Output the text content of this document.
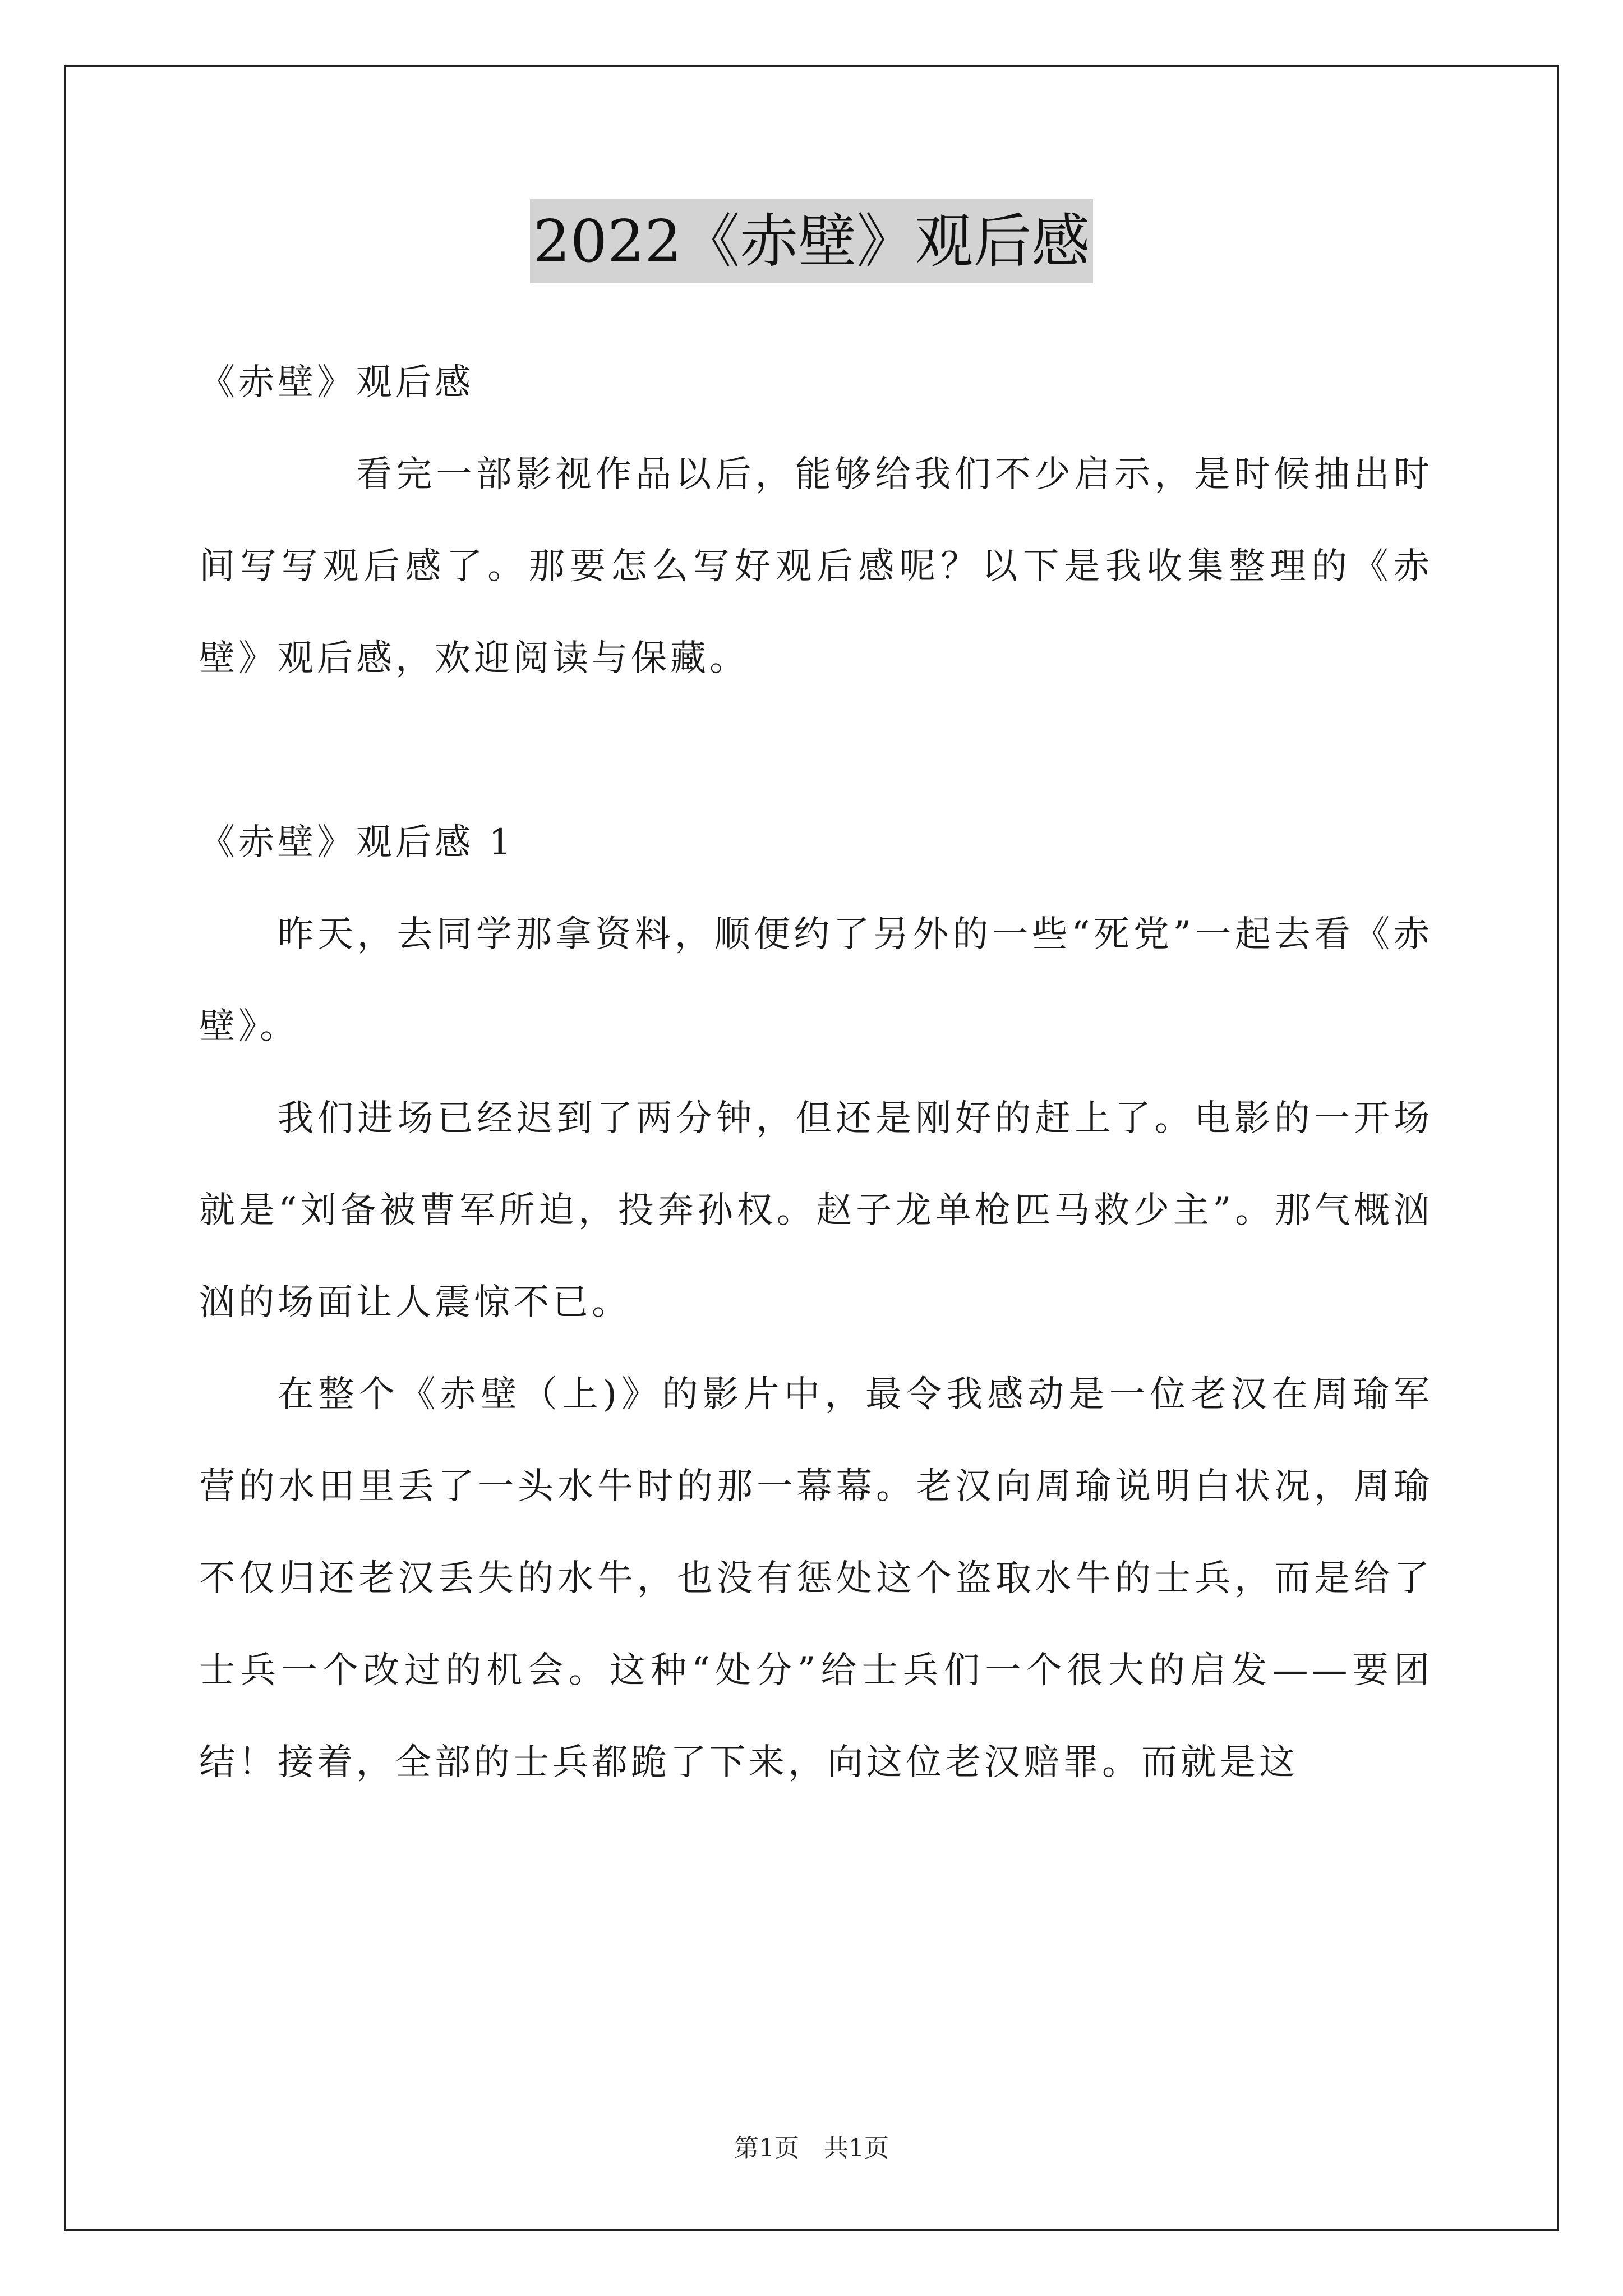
2022《赤壁》观后感

《赤壁》观后感

看完一部影视作品以后，能够给我们不少启示，是时候抽出时间写写观后感了。那要怎么写好观后感呢？以下是我收集整理的《赤壁》观后感，欢迎阅读与保藏。

《赤壁》观后感 1

昨天，去同学那拿资料，顺便约了另外的一些“死党”一起去看《赤壁》。

我们进场已经迟到了两分钟，但还是刚好的赶上了。电影的一开场就是“刘备被曹军所迫，投奔孙权。赵子龙单枪匹马救少主”。那气概汹汹的场面让人震惊不已。

在整个《赤壁（上)》的影片中，最令我感动是一位老汉在周瑜军营的水田里丢了一头水牛时的那一幕幕。老汉向周瑜说明白状况，周瑜不仅归还老汉丢失的水牛，也没有惩处这个盗取水牛的士兵，而是给了士兵一个改过的机会。这种“处分”给士兵们一个很大的启发——要团结！接着，全部的士兵都跪了下来，向这位老汉赔罪。而就是这

第1页　共1页
